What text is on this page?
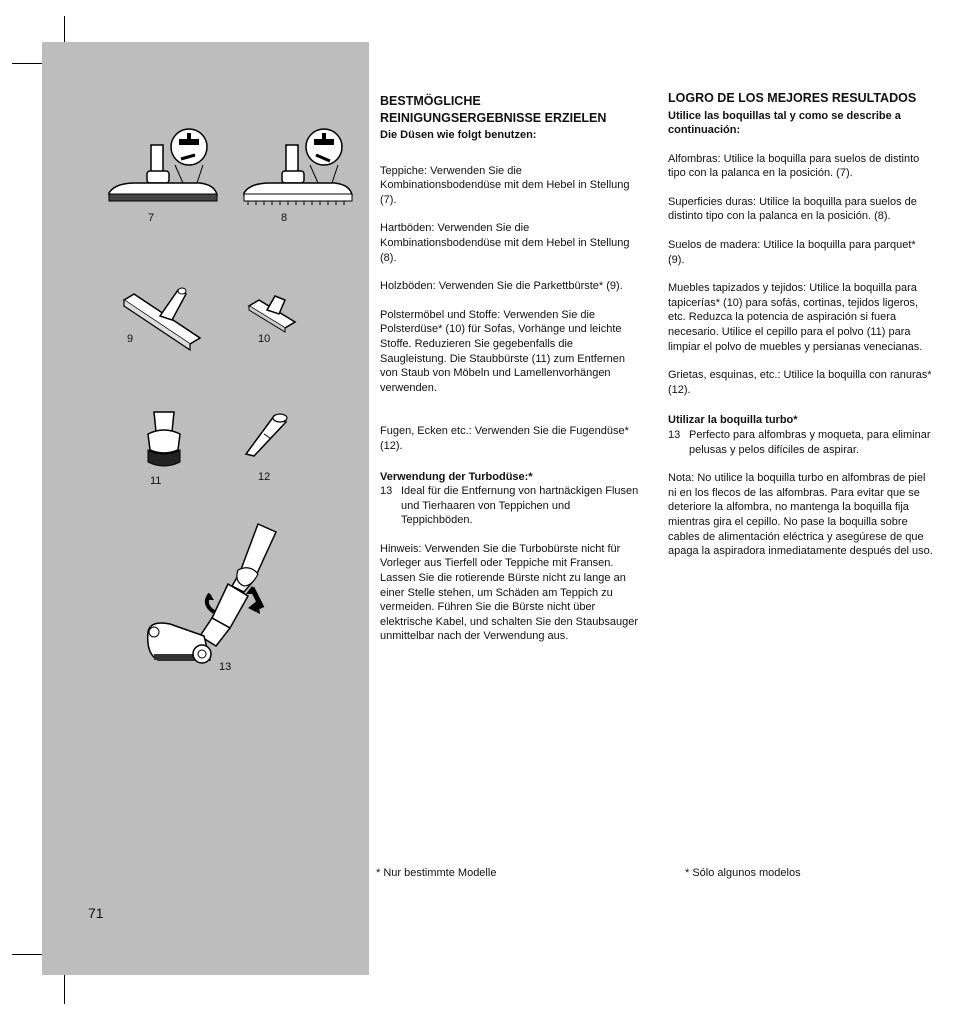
7	8
9	10
11	12
13
71
BESTMÖGLICHE REINIGUNGSERGEBNISSE ERZIELEN

Die Düsen wie folgt benutzen:

Teppiche: Verwenden Sie die Kombinationsbodendüse mit dem Hebel in Stellung (7).

Hartböden: Verwenden Sie die Kombinationsbodendüse mit dem Hebel in Stellung (8).

Holzböden: Verwenden Sie die Parkettbürste* (9).

Polstermöbel und Stoffe: Verwenden Sie die Polsterdüse* (10) für Sofas, Vorhänge und leichte Stoffe. Reduzieren Sie gegebenfalls die Saugleistung. Die Staubbürste (11) zum Entfernen von Staub von Möbeln und Lamellenvorhängen verwenden.

Fugen, Ecken etc.: Verwenden Sie die Fugendüse* (12).

Verwendung der Turbodüse:*

13 Ideal für die Entfernung von hartnäckigen Flusen und Tierhaaren von Teppichen und Teppichböden.

Hinweis: Verwenden Sie die Turbobürste nicht für Vorleger aus Tierfell oder Teppiche mit Fransen. Lassen Sie die rotierende Bürste nicht zu lange an einer Stelle stehen, um Schäden am Teppich zu vermeiden. Führen Sie die Bürste nicht über elektrische Kabel, und schalten Sie den Staubsauger unmittelbar nach der Verwendung aus.

LOGRO DE LOS MEJORES RESULTADOS

Utilice las boquillas tal y como se describe a continuación:

Alfombras: Utilice la boquilla para suelos de distinto tipo con la palanca en la posición. (7).

Superficies duras: Utilice la boquilla para suelos de distinto tipo con la palanca en la posición. (8).

Suelos de madera: Utilice la boquilla para parquet* (9).

Muebles tapizados y tejidos: Utilice la boquilla para tapicerías* (10) para sofás, cortinas, tejidos ligeros, etc. Reduzca la potencia de aspiración si fuera necesario. Utilice el cepillo para el polvo (11) para limpiar el polvo de muebles y persianas venecianas.

Grietas, esquinas, etc.: Utilice la boquilla con ranuras* (12).

Utilizar la boquilla turbo*

13 Perfecto para alfombras y moqueta, para eliminar pelusas y pelos difíciles de aspirar.

Nota: No utilice la boquilla turbo en alfombras de piel ni en los flecos de las alfombras. Para evitar que se deteriore la alfombra, no mantenga la boquilla fija mientras gira el cepillo. No pase la boquilla sobre cables de alimentación eléctrica y asegúrese de que apaga la aspiradora inmediatamente después del uso.

* Nur bestimmte Modelle	* Sólo algunos modelos
